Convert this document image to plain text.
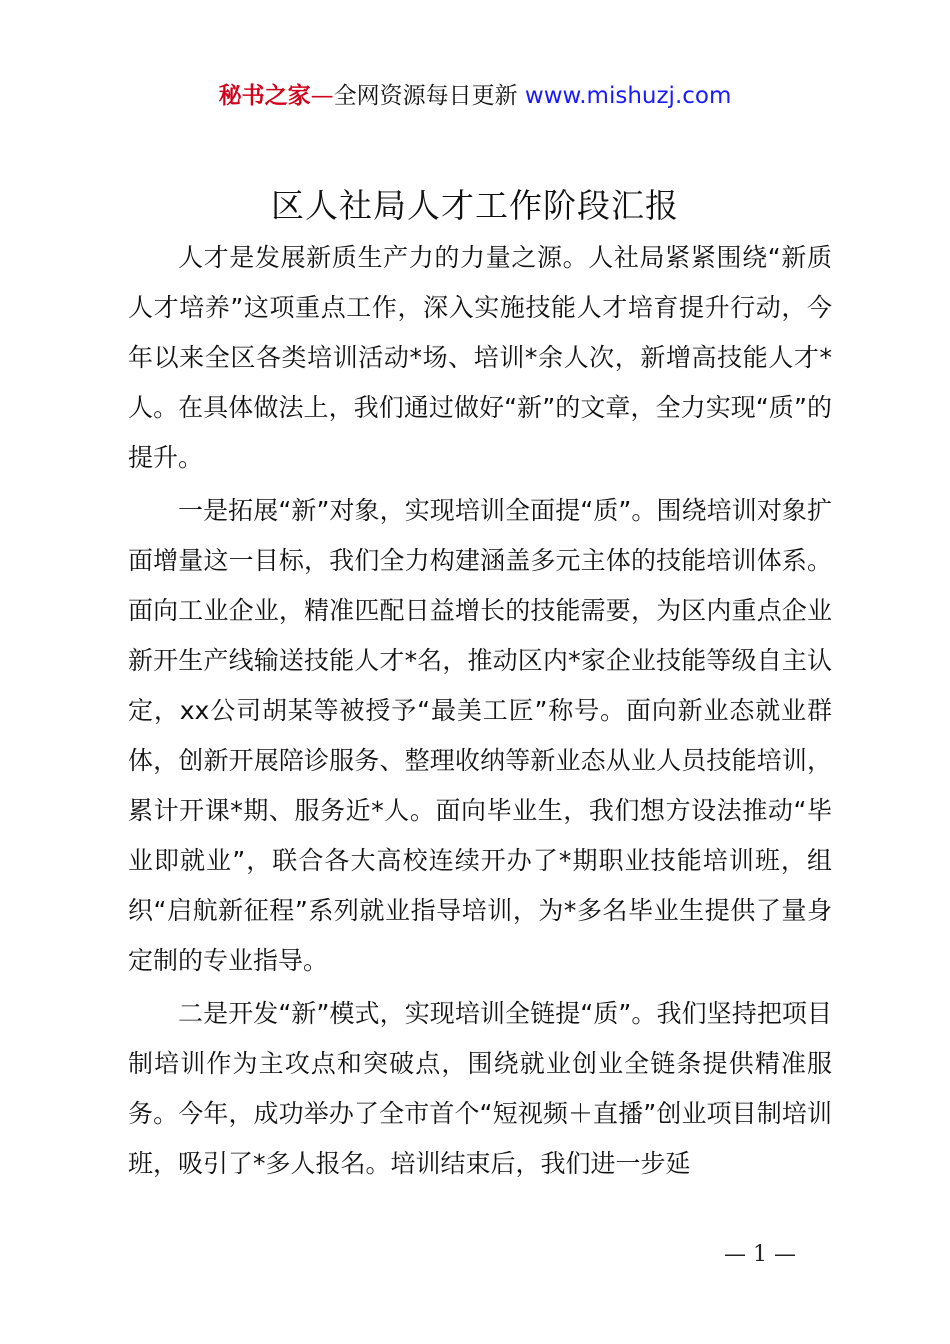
秘书之家—全网资源每日更新 www.mishuzj.com
区人社局人才工作阶段汇报

人才是发展新质生产力的力量之源。人社局紧紧围绕“新质人才培养”这项重点工作，深入实施技能人才培育提升行动，今年以来全区各类培训活动*场、培训*余人次，新增高技能人才*人。在具体做法上，我们通过做好“新”的文章，全力实现“质”的提升。

一是拓展“新”对象，实现培训全面提“质”。围绕培训对象扩面增量这一目标，我们全力构建涵盖多元主体的技能培训体系。面向工业企业，精准匹配日益增长的技能需要，为区内重点企业新开生产线输送技能人才*名，推动区内*家企业技能等级自主认定，xx公司胡某等被授予“最美工匠”称号。面向新业态就业群体，创新开展陪诊服务、整理收纳等新业态从业人员技能培训，累计开课*期、服务近*人。面向毕业生，我们想方设法推动“毕业即就业”，联合各大高校连续开办了*期职业技能培训班，组织“启航新征程”系列就业指导培训，为*多名毕业生提供了量身定制的专业指导。

二是开发“新”模式，实现培训全链提“质”。我们坚持把项目制培训作为主攻点和突破点，围绕就业创业全链条提供精准服务。今年，成功举办了全市首个“短视频＋直播”创业项目制培训班，吸引了*多人报名。培训结束后，我们进一步延

— 1 —
